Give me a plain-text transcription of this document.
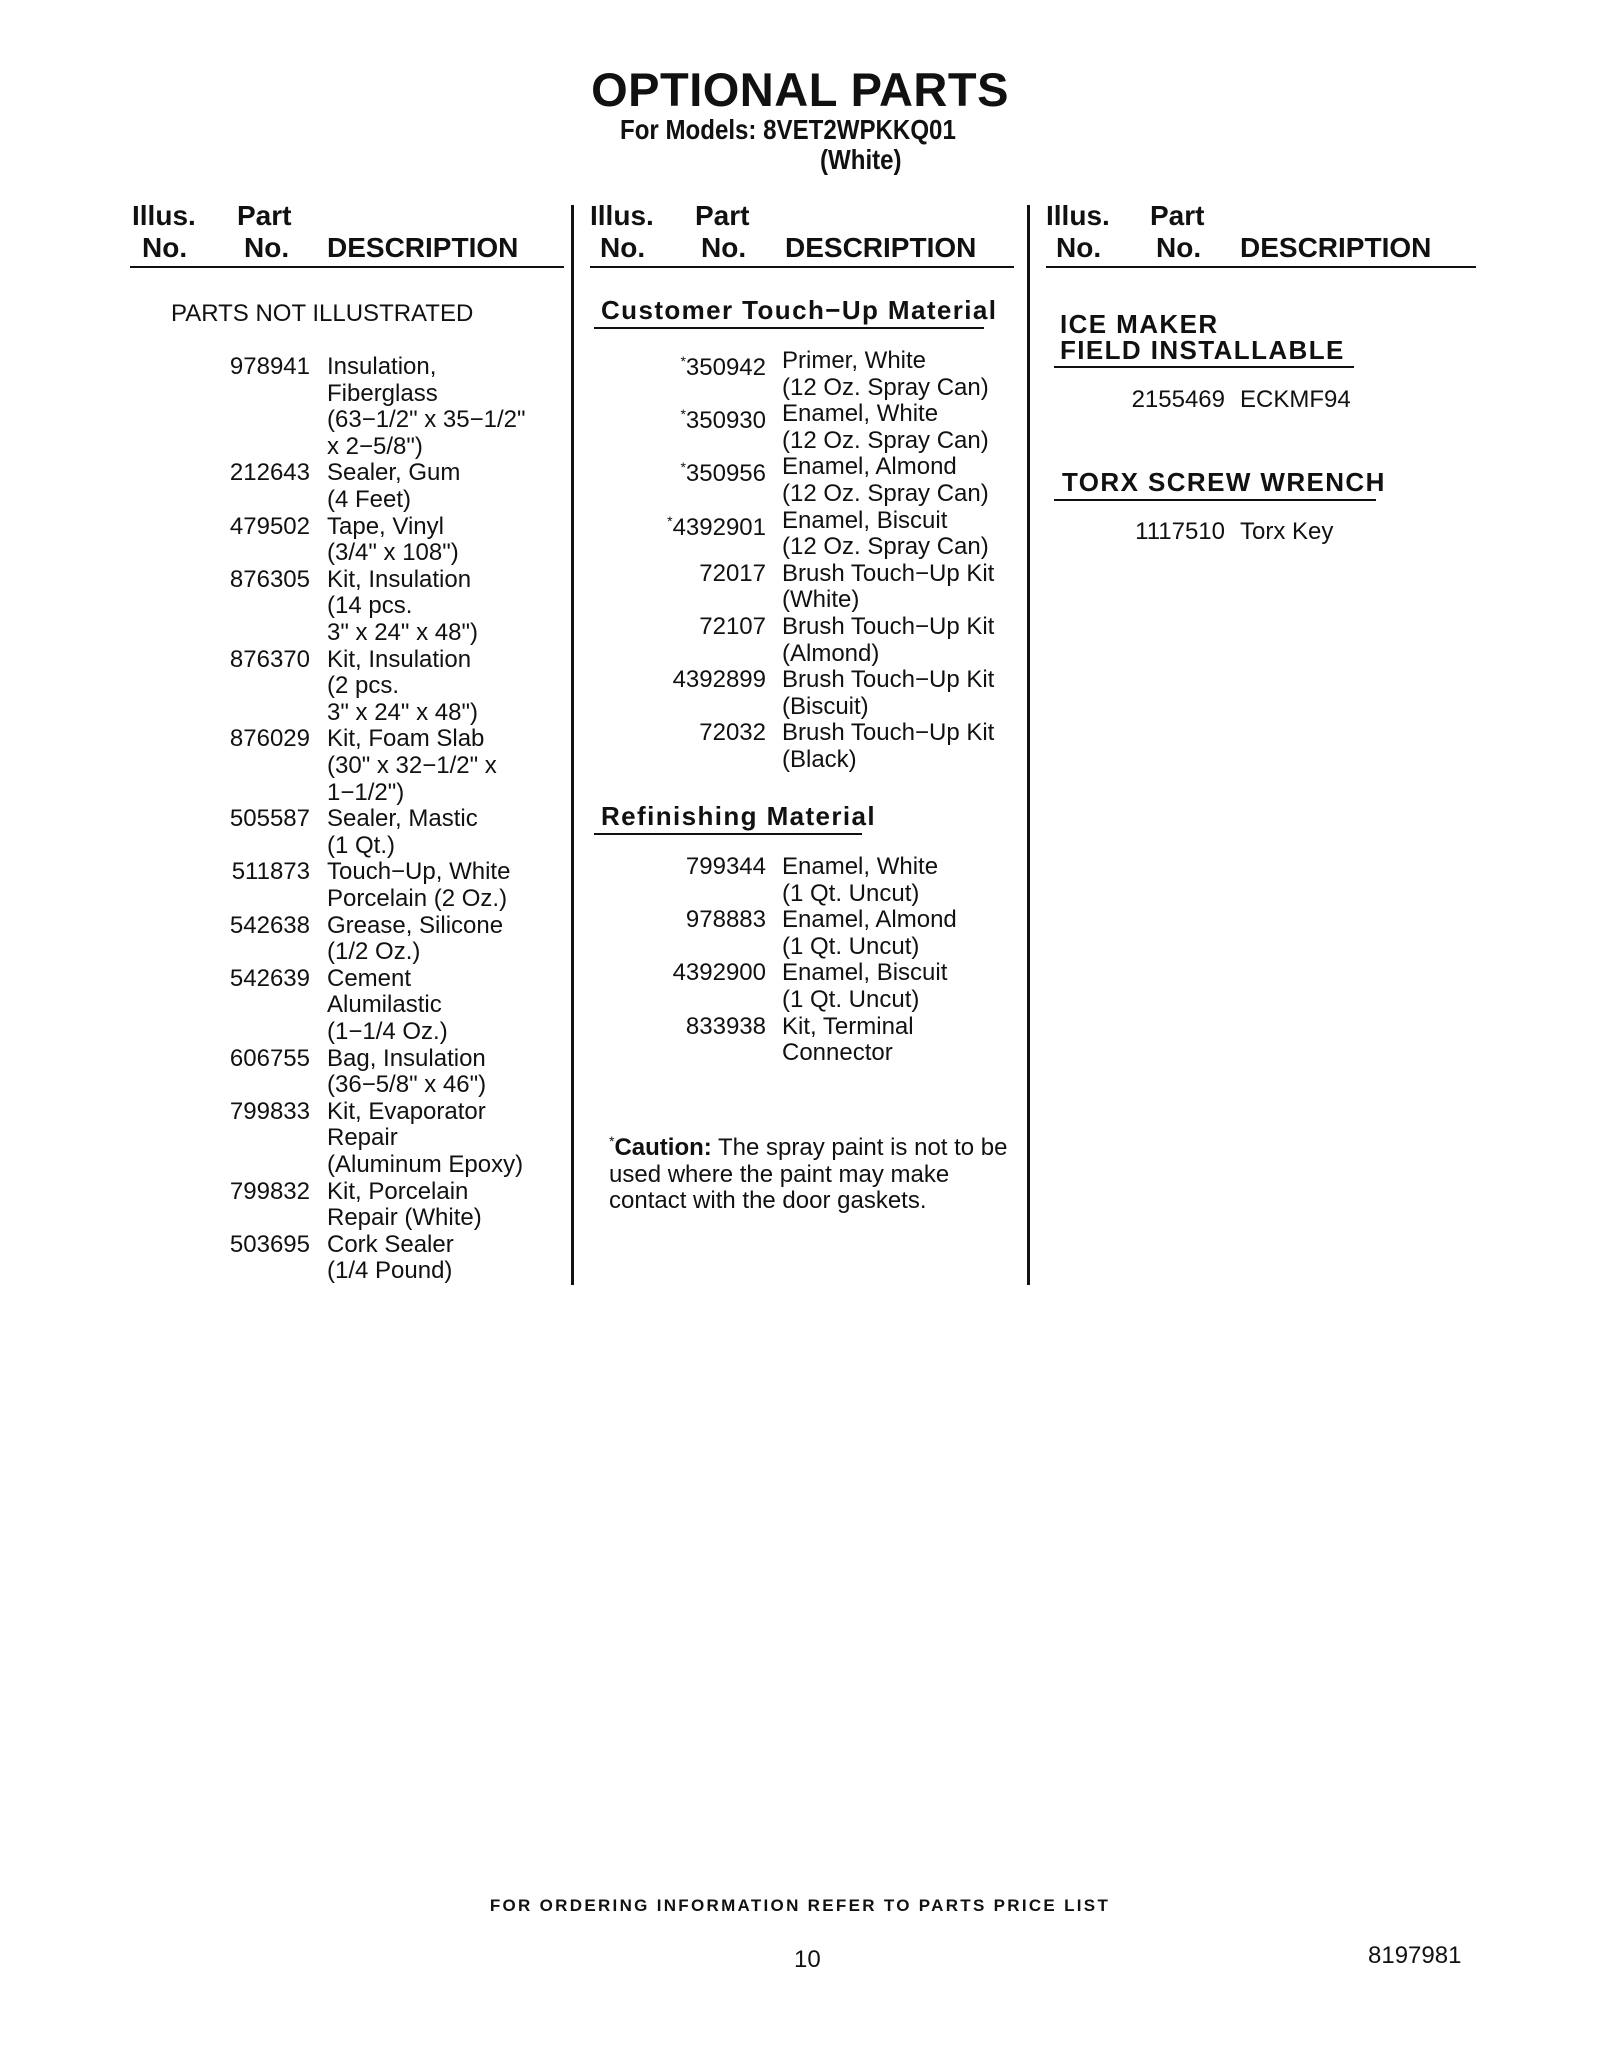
OPTIONAL PARTS
For Models: 8VET2WPKKQ01
(White)
Illus. Part
No. No. DESCRIPTION
Illus. Part
No. No. DESCRIPTION
Illus. Part
No. No. DESCRIPTION
PARTS NOT ILLUSTRATED
978941 Insulation,
Fiberglass
(63−1/2" x 35−1/2"
x 2−5/8")
212643 Sealer, Gum
(4 Feet)
479502 Tape, Vinyl
(3/4" x 108")
876305 Kit, Insulation
(14 pcs.
3" x 24" x 48")
876370 Kit, Insulation
(2 pcs.
3" x 24" x 48")
876029 Kit, Foam Slab
(30" x 32−1/2" x
1−1/2")
505587 Sealer, Mastic
(1 Qt.)
511873 Touch−Up, White
Porcelain (2 Oz.)
542638 Grease, Silicone
(1/2 Oz.)
542639 Cement
Alumilastic
(1−1/4 Oz.)
606755 Bag, Insulation
(36−5/8" x 46")
799833 Kit, Evaporator
Repair
(Aluminum Epoxy)
799832 Kit, Porcelain
Repair (White)
503695 Cork Sealer
(1/4 Pound)
Customer Touch−Up Material
*350942 Primer, White
(12 Oz. Spray Can)
*350930 Enamel, White
(12 Oz. Spray Can)
*350956 Enamel, Almond
(12 Oz. Spray Can)
*4392901 Enamel, Biscuit
(12 Oz. Spray Can)
72017 Brush Touch−Up Kit
(White)
72107 Brush Touch−Up Kit
(Almond)
4392899 Brush Touch−Up Kit
(Biscuit)
72032 Brush Touch−Up Kit
(Black)
Refinishing Material
799344 Enamel, White
(1 Qt. Uncut)
978883 Enamel, Almond
(1 Qt. Uncut)
4392900 Enamel, Biscuit
(1 Qt. Uncut)
833938 Kit, Terminal
Connector
*Caution: The spray paint is not to be used where the paint may make contact with the door gaskets.
ICE MAKER
FIELD INSTALLABLE
2155469 ECKMF94
TORX SCREW WRENCH
1117510 Torx Key
FOR ORDERING INFORMATION REFER TO PARTS PRICE LIST
10	8197981
